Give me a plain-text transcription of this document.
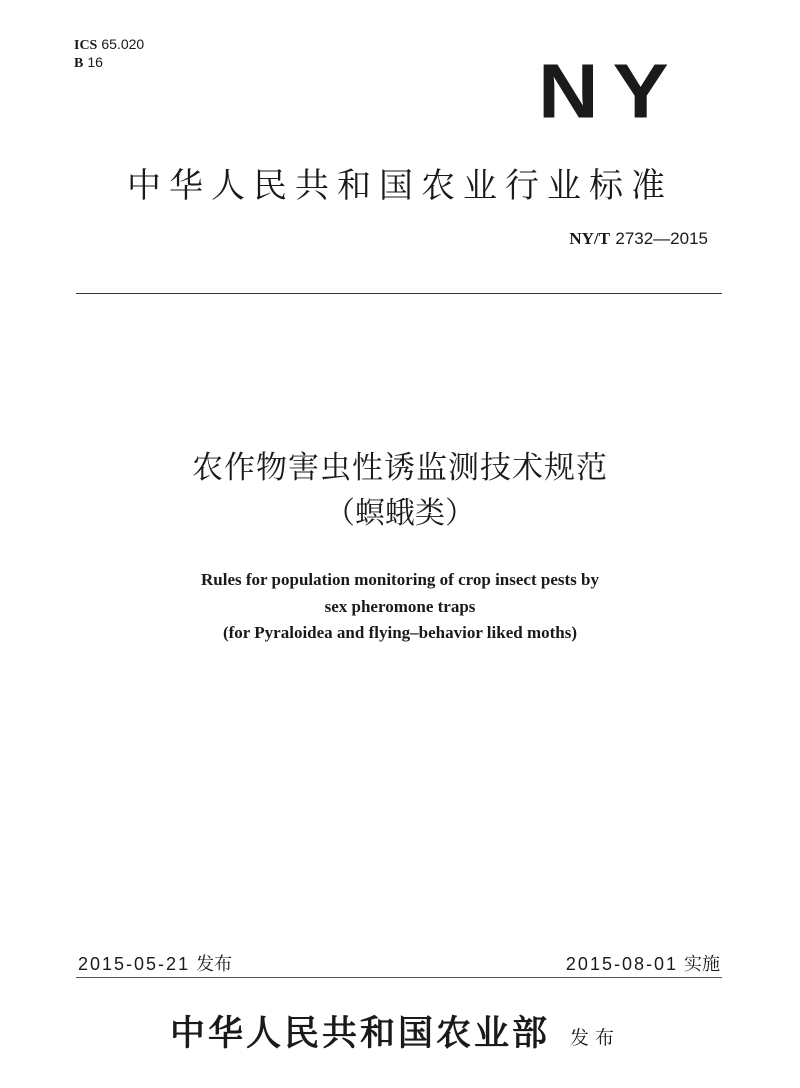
ICS 65.020
B 16	NY
中华人民共和国农业行业标准
NY/T 2732—2015
农作物害虫性诱监测技术规范
（螟蛾类）
Rules for population monitoring of crop insect pests by
sex pheromone traps
(for Pyraloidea and flying–behavior liked moths)
2015-05-21 发布	2015-08-01 实施
中华人民共和国农业部 发布
